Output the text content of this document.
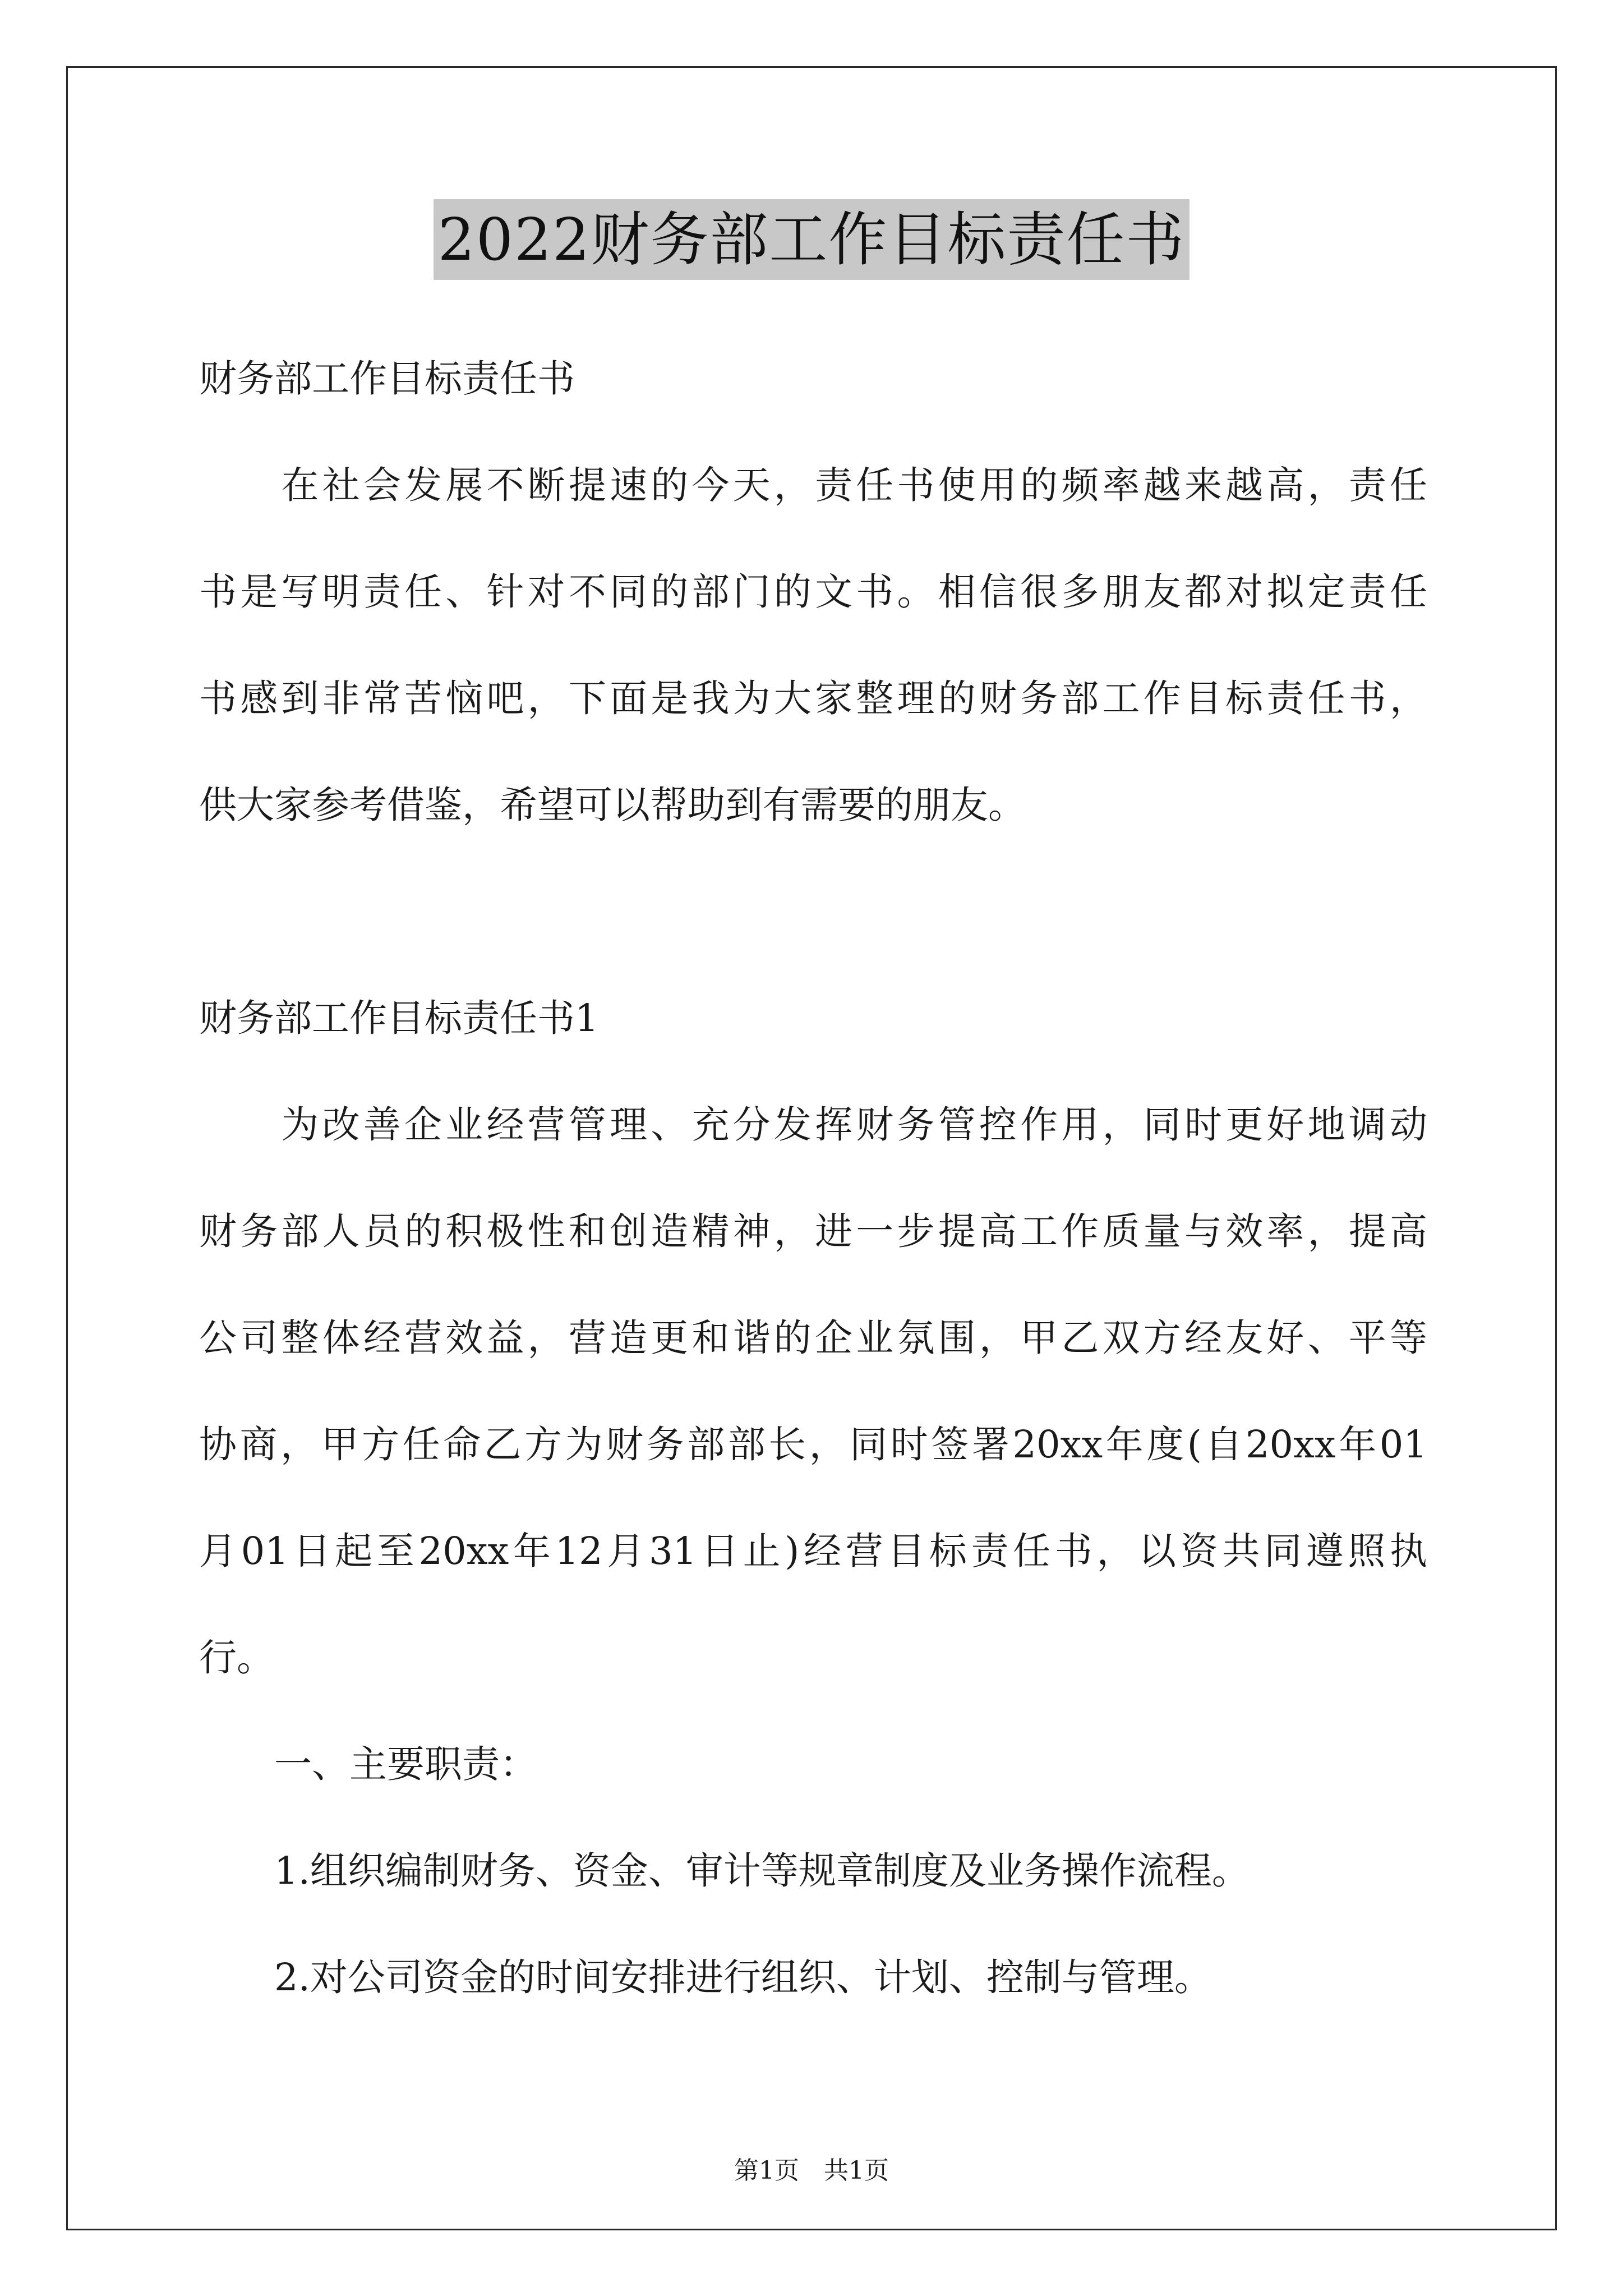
2022财务部工作目标责任书
财务部工作目标责任书
　　在社会发展不断提速的今天，责任书使用的频率越来越高，责任
书是写明责任、针对不同的部门的文书。相信很多朋友都对拟定责任
书感到非常苦恼吧，下面是我为大家整理的财务部工作目标责任书，
供大家参考借鉴，希望可以帮助到有需要的朋友。
财务部工作目标责任书1
　　为改善企业经营管理、充分发挥财务管控作用，同时更好地调动
财务部人员的积极性和创造精神，进一步提高工作质量与效率，提高
公司整体经营效益，营造更和谐的企业氛围，甲乙双方经友好、平等
协商，甲方任命乙方为财务部部长，同时签署20xx年度(自20xx年01
月01日起至20xx年12月31日止)经营目标责任书，以资共同遵照执
行。
　　一、主要职责：
　　1.组织编制财务、资金、审计等规章制度及业务操作流程。
　　2.对公司资金的时间安排进行组织、计划、控制与管理。
第1页　共1页
